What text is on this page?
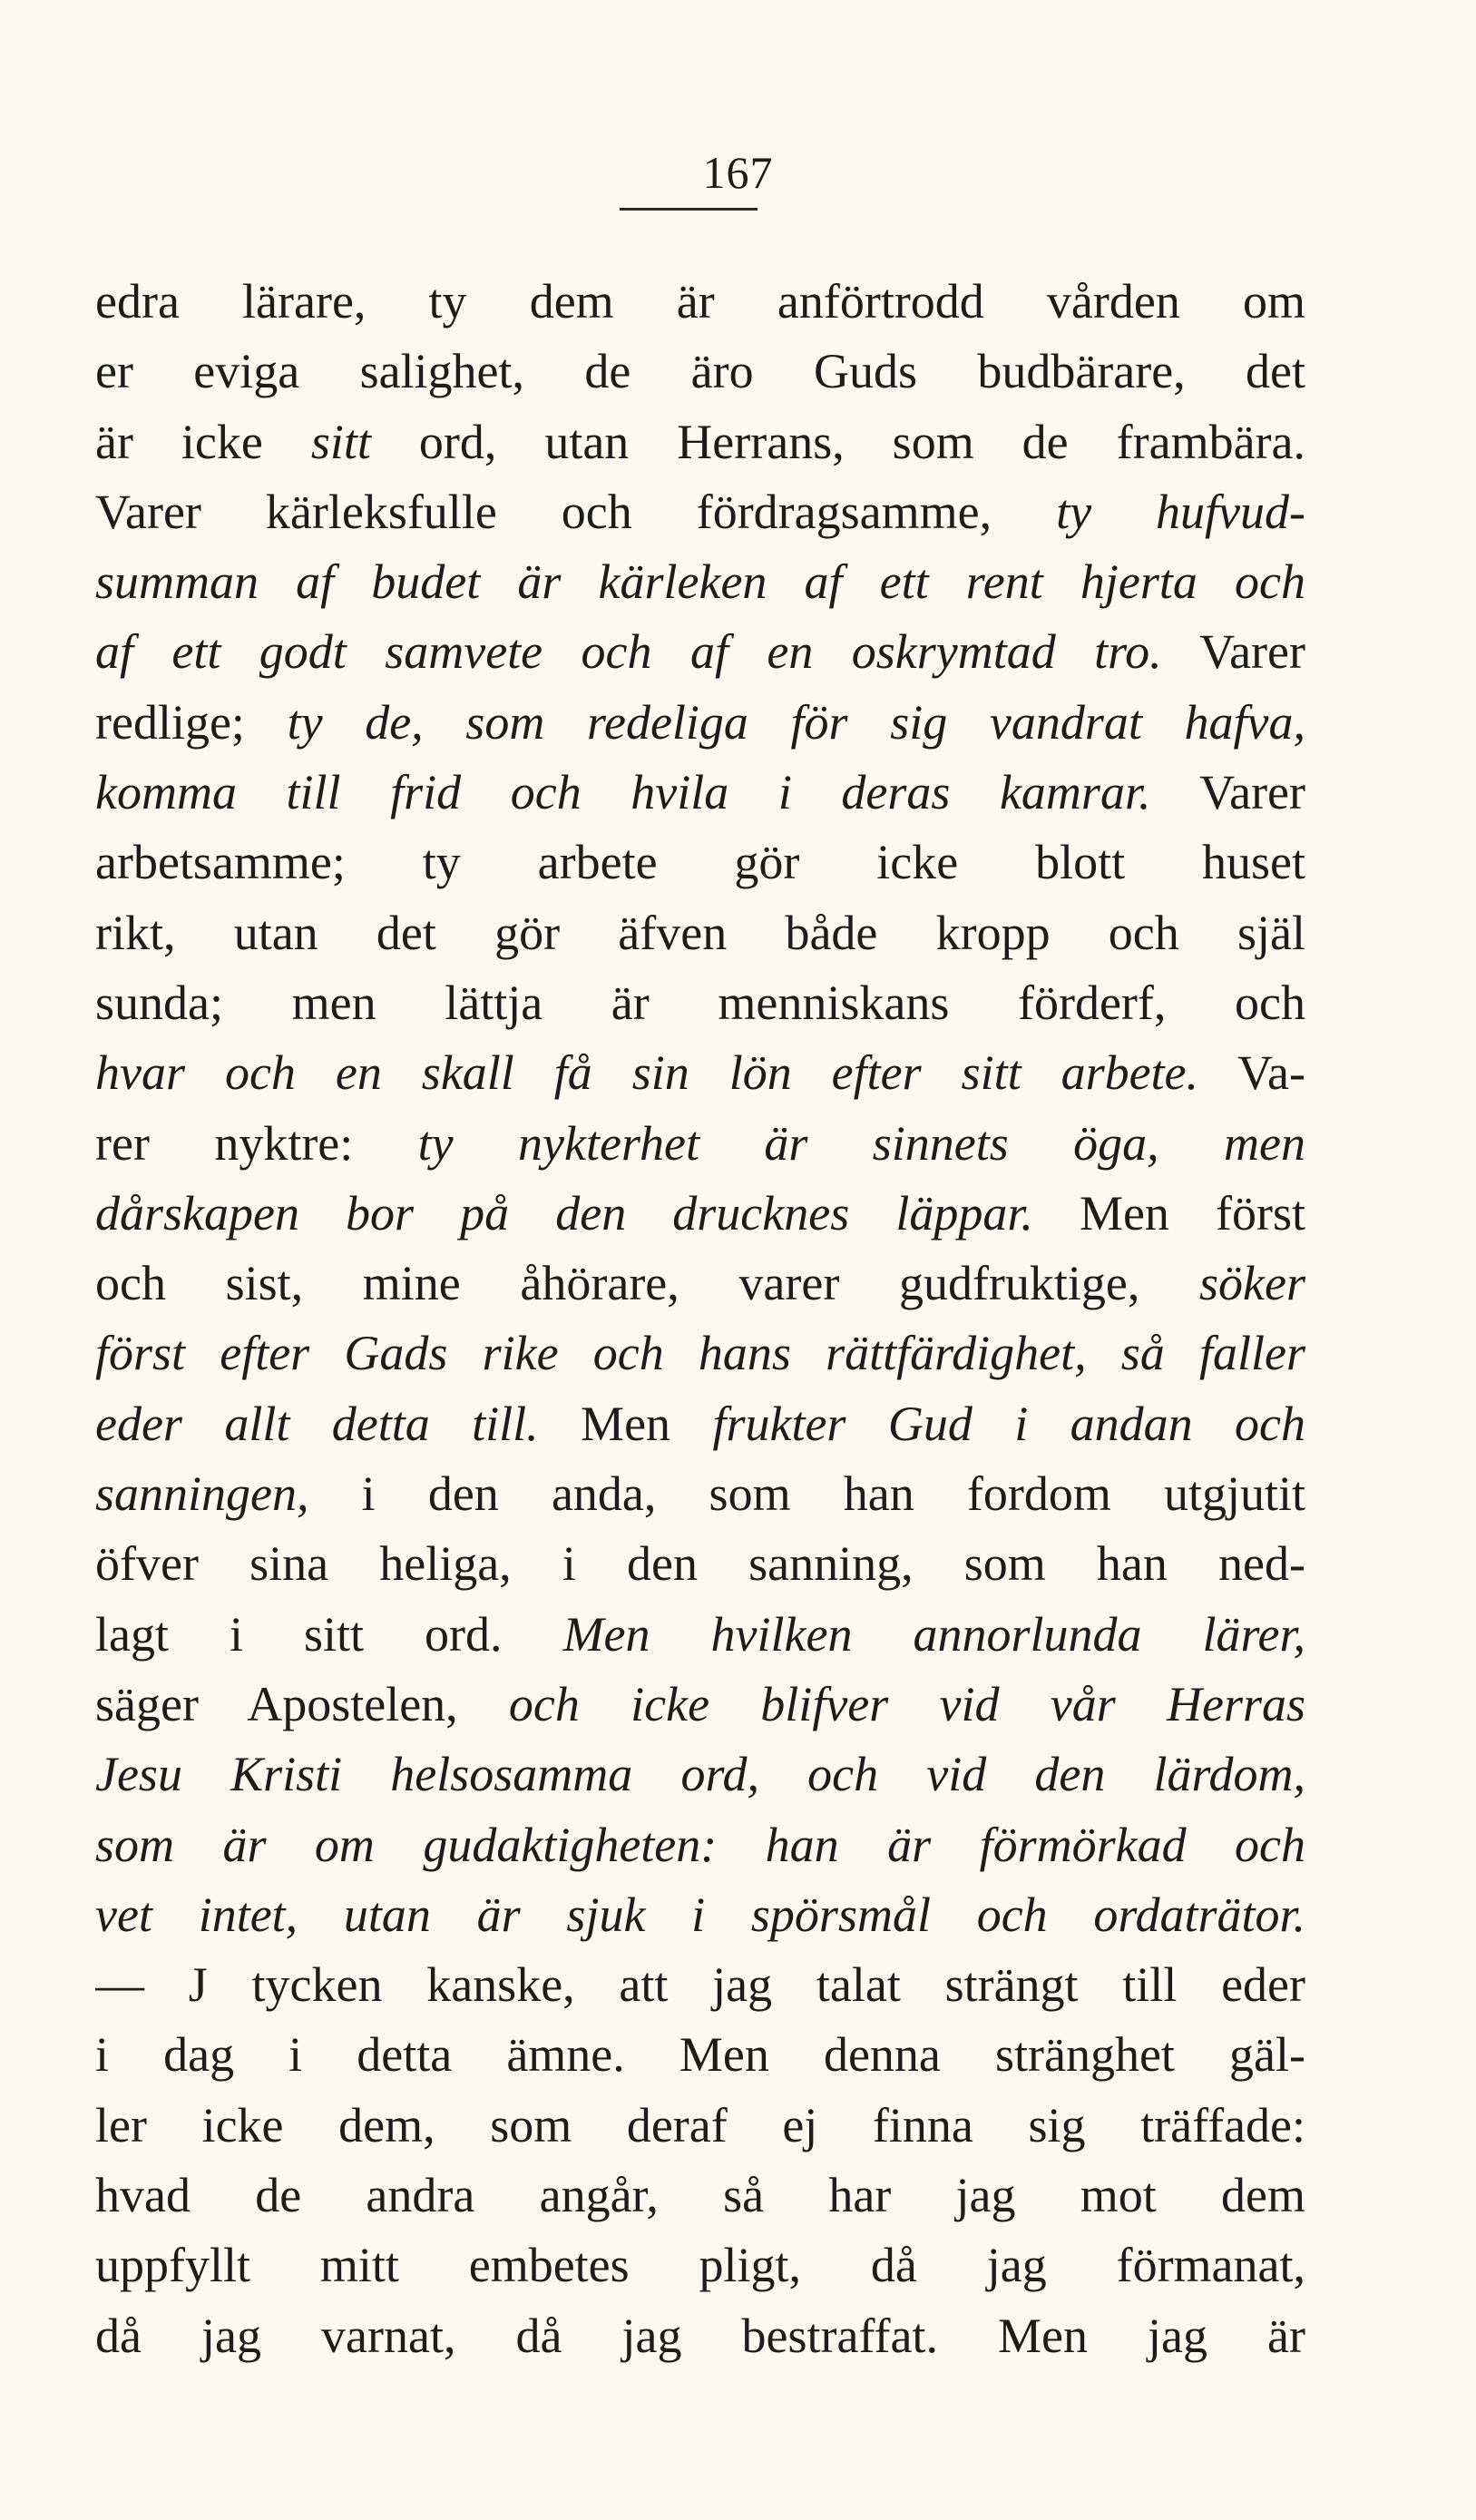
167
edra lärare, ty dem är anförtrodd vården om
er eviga salighet, de äro Guds budbärare, det
är icke sitt ord, utan Herrans, som de frambära.
Varer kärleksfulle och fördragsamme, ty hufvud-
summan af budet är kärleken af ett rent hjerta och
af ett godt samvete och af en oskrymtad tro. Varer
redlige; ty de, som redeliga för sig vandrat hafva,
komma till frid och hvila i deras kamrar. Varer
arbetsamme; ty arbete gör icke blott huset
rikt, utan det gör äfven både kropp och själ
sunda; men lättja är menniskans förderf, och
hvar och en skall få sin lön efter sitt arbete. Va-
rer nyktre: ty nykterhet är sinnets öga, men
dårskapen bor på den drucknes läppar. Men först
och sist, mine åhörare, varer gudfruktige, söker
först efter Gads rike och hans rättfärdighet, så faller
eder allt detta till. Men frukter Gud i andan och
sanningen, i den anda, som han fordom utgjutit
öfver sina heliga, i den sanning, som han ned-
lagt i sitt ord. Men hvilken annorlunda lärer,
säger Apostelen, och icke blifver vid vår Herras
Jesu Kristi helsosamma ord, och vid den lärdom,
som är om gudaktigheten: han är förmörkad och
vet intet, utan är sjuk i spörsmål och ordaträtor.
— J tycken kanske, att jag talat strängt till eder
i dag i detta ämne. Men denna stränghet gäl-
ler icke dem, som deraf ej finna sig träffade:
hvad de andra angår, så har jag mot dem
uppfyllt mitt embetes pligt, då jag förmanat,
då jag varnat, då jag bestraffat. Men jag är
